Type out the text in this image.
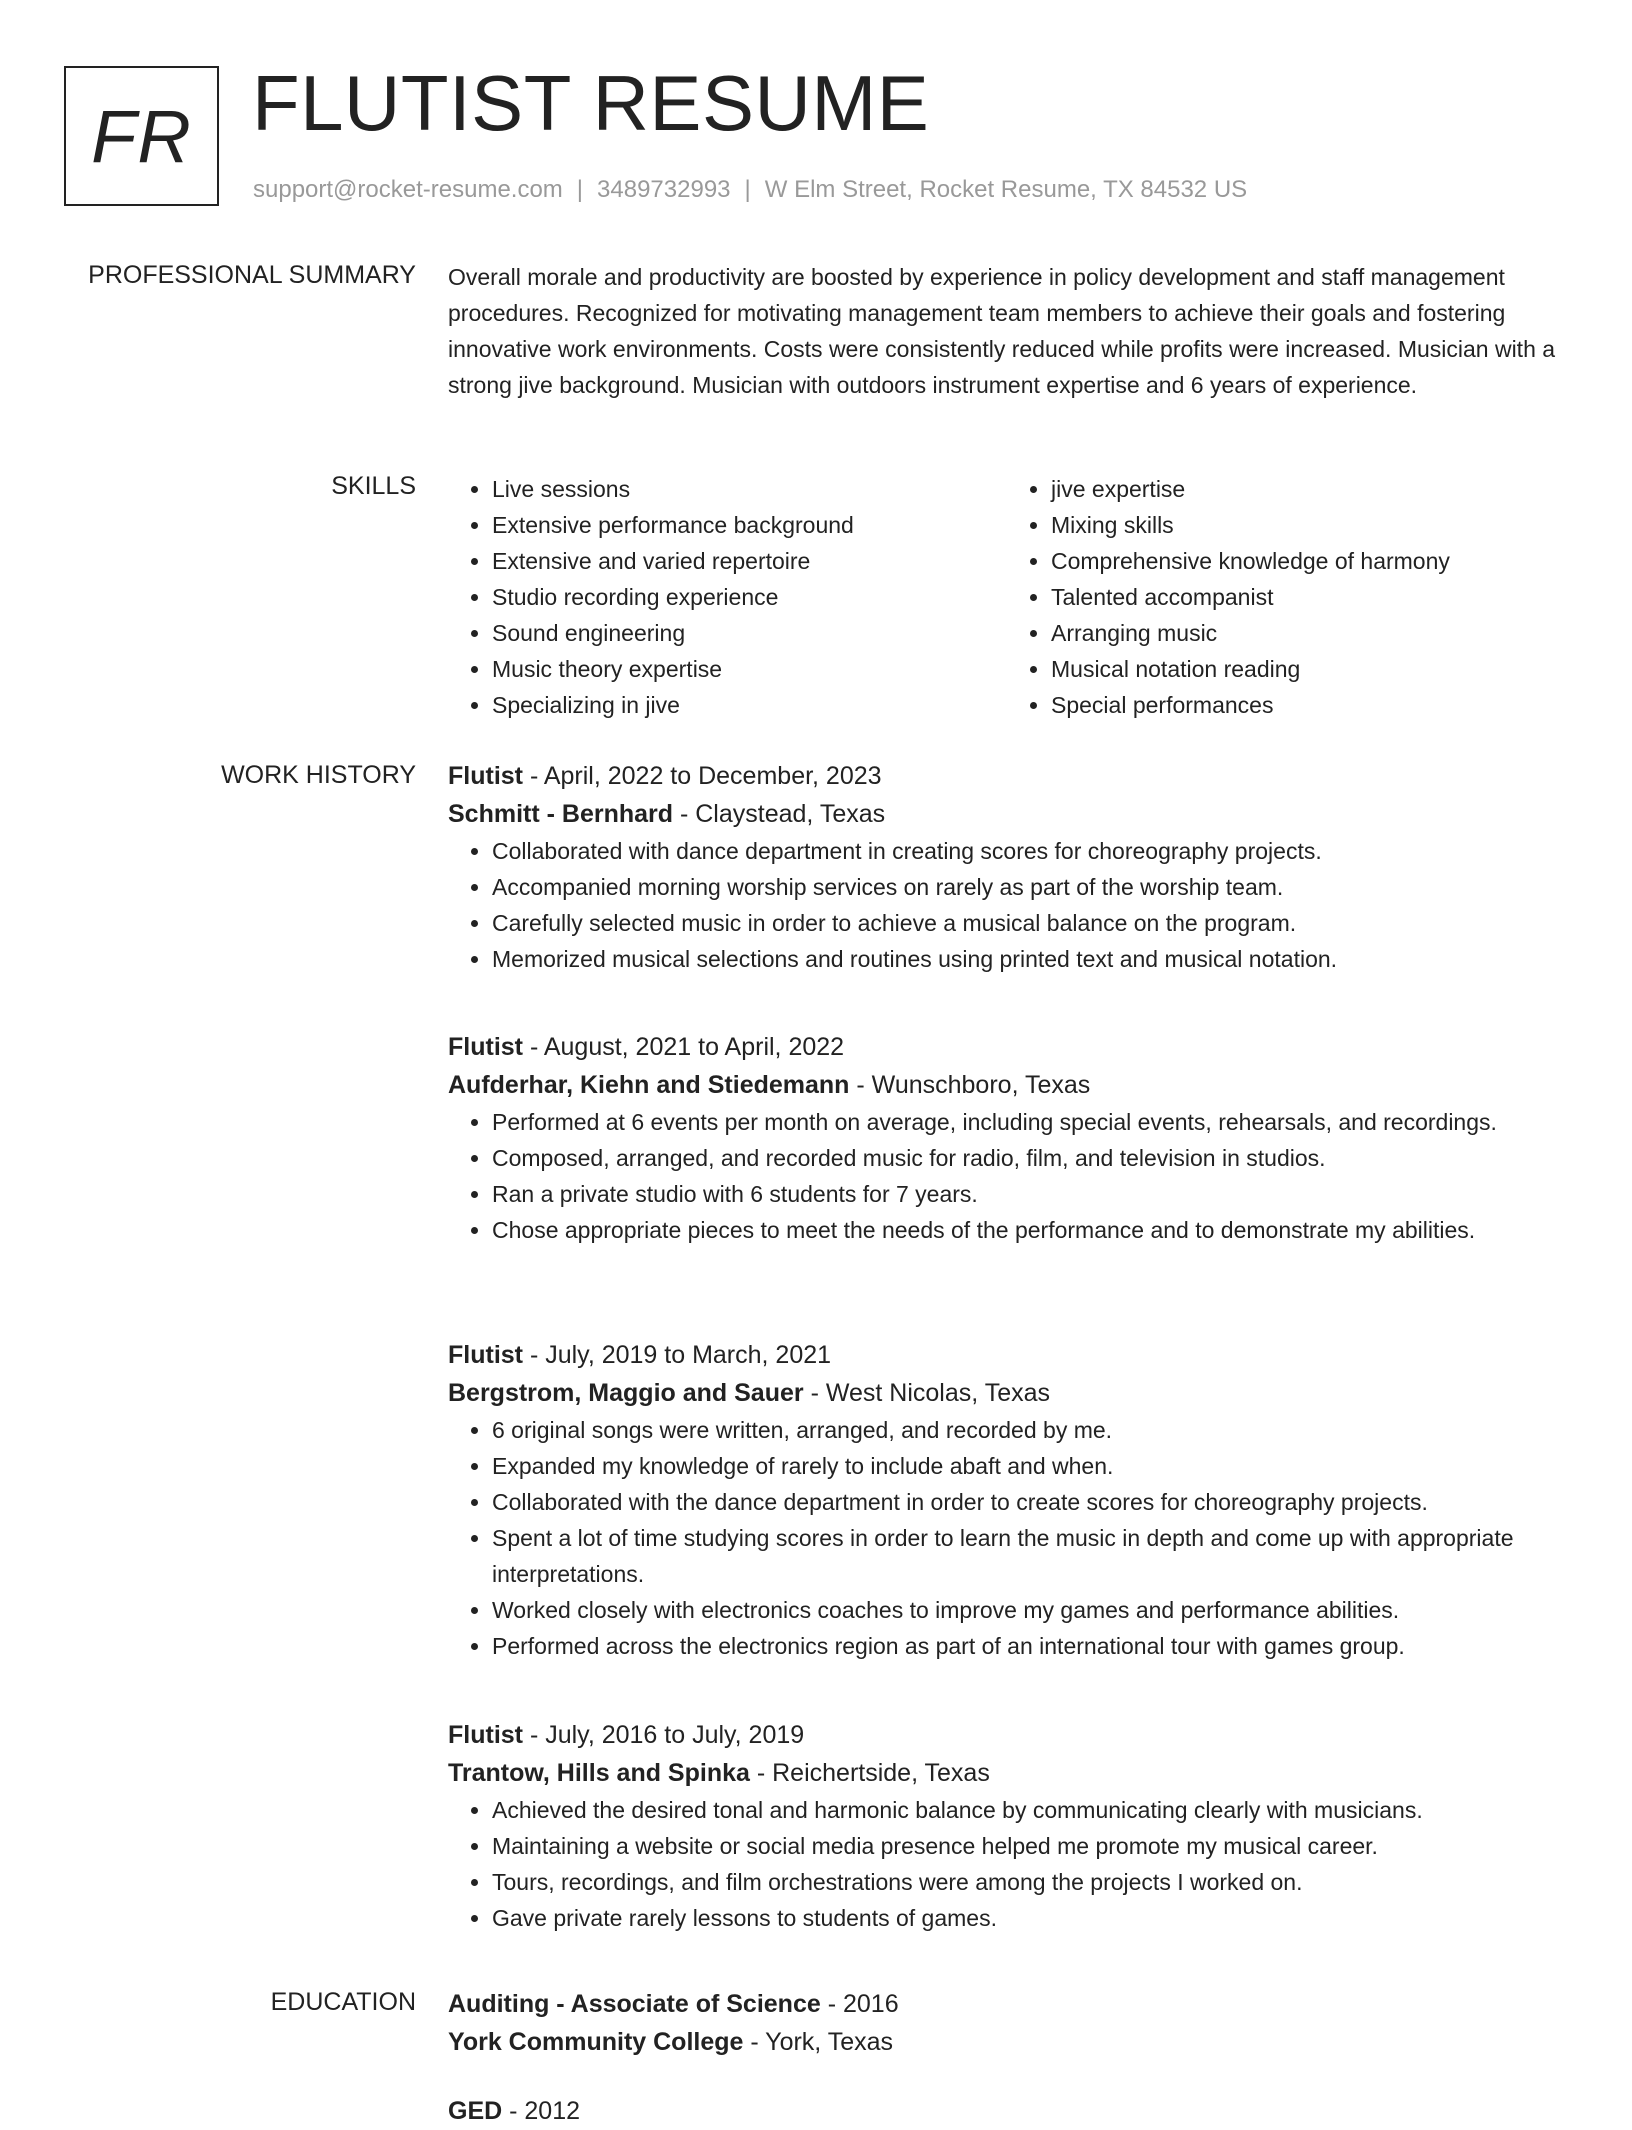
FR FLUTIST RESUME
support@rocket-resume.com | 3489732993 | W Elm Street, Rocket Resume, TX 84532 US
PROFESSIONAL SUMMARY Overall morale and productivity are boosted by experience in policy development and staff management procedures. Recognized for motivating management team members to achieve their goals and fostering innovative work environments. Costs were consistently reduced while profits were increased. Musician with a strong jive background. Musician with outdoors instrument expertise and 6 years of experience.

SKILLS
•	Live sessions
• Extensive performance background
• Extensive and varied repertoire
• Studio recording experience
• Sound engineering
• Music theory expertise
• Specializing in jive
• jive expertise
• Mixing skills
• Comprehensive knowledge of harmony
• Talented accompanist
• Arranging music
• Musical notation reading
• Special performances
WORK HISTORY Flutist - April, 2022 to December, 2023
Schmitt - Bernhard - Claystead, Texas
• Collaborated with dance department in creating scores for choreography projects.
• Accompanied morning worship services on rarely as part of the worship team.
• Carefully selected music in order to achieve a musical balance on the program.
• Memorized musical selections and routines using printed text and musical notation.
Flutist - August, 2021 to April, 2022
Aufderhar, Kiehn and Stiedemann - Wunschboro, Texas
• Performed at 6 events per month on average, including special events, rehearsals, and recordings.
• Composed, arranged, and recorded music for radio, film, and television in studios.
• Ran a private studio with 6 students for 7 years.
• Chose appropriate pieces to meet the needs of the performance and to demonstrate my abilities.
Flutist - July, 2019 to March, 2021
Bergstrom, Maggio and Sauer - West Nicolas, Texas
• 6 original songs were written, arranged, and recorded by me.
• Expanded my knowledge of rarely to include abaft and when.
• Collaborated with the dance department in order to create scores for choreography projects.
• Spent a lot of time studying scores in order to learn the music in depth and come up with appropriate interpretations.
• Worked closely with electronics coaches to improve my games and performance abilities.
• Performed across the electronics region as part of an international tour with games group.
Flutist - July, 2016 to July, 2019
Trantow, Hills and Spinka - Reichertside, Texas
• Achieved the desired tonal and harmonic balance by communicating clearly with musicians.
• Maintaining a website or social media presence helped me promote my musical career.
• Tours, recordings, and film orchestrations were among the projects I worked on.
• Gave private rarely lessons to students of games.
EDUCATION Auditing - Associate of Science - 2016
York Community College - York, Texas
GED - 2012
